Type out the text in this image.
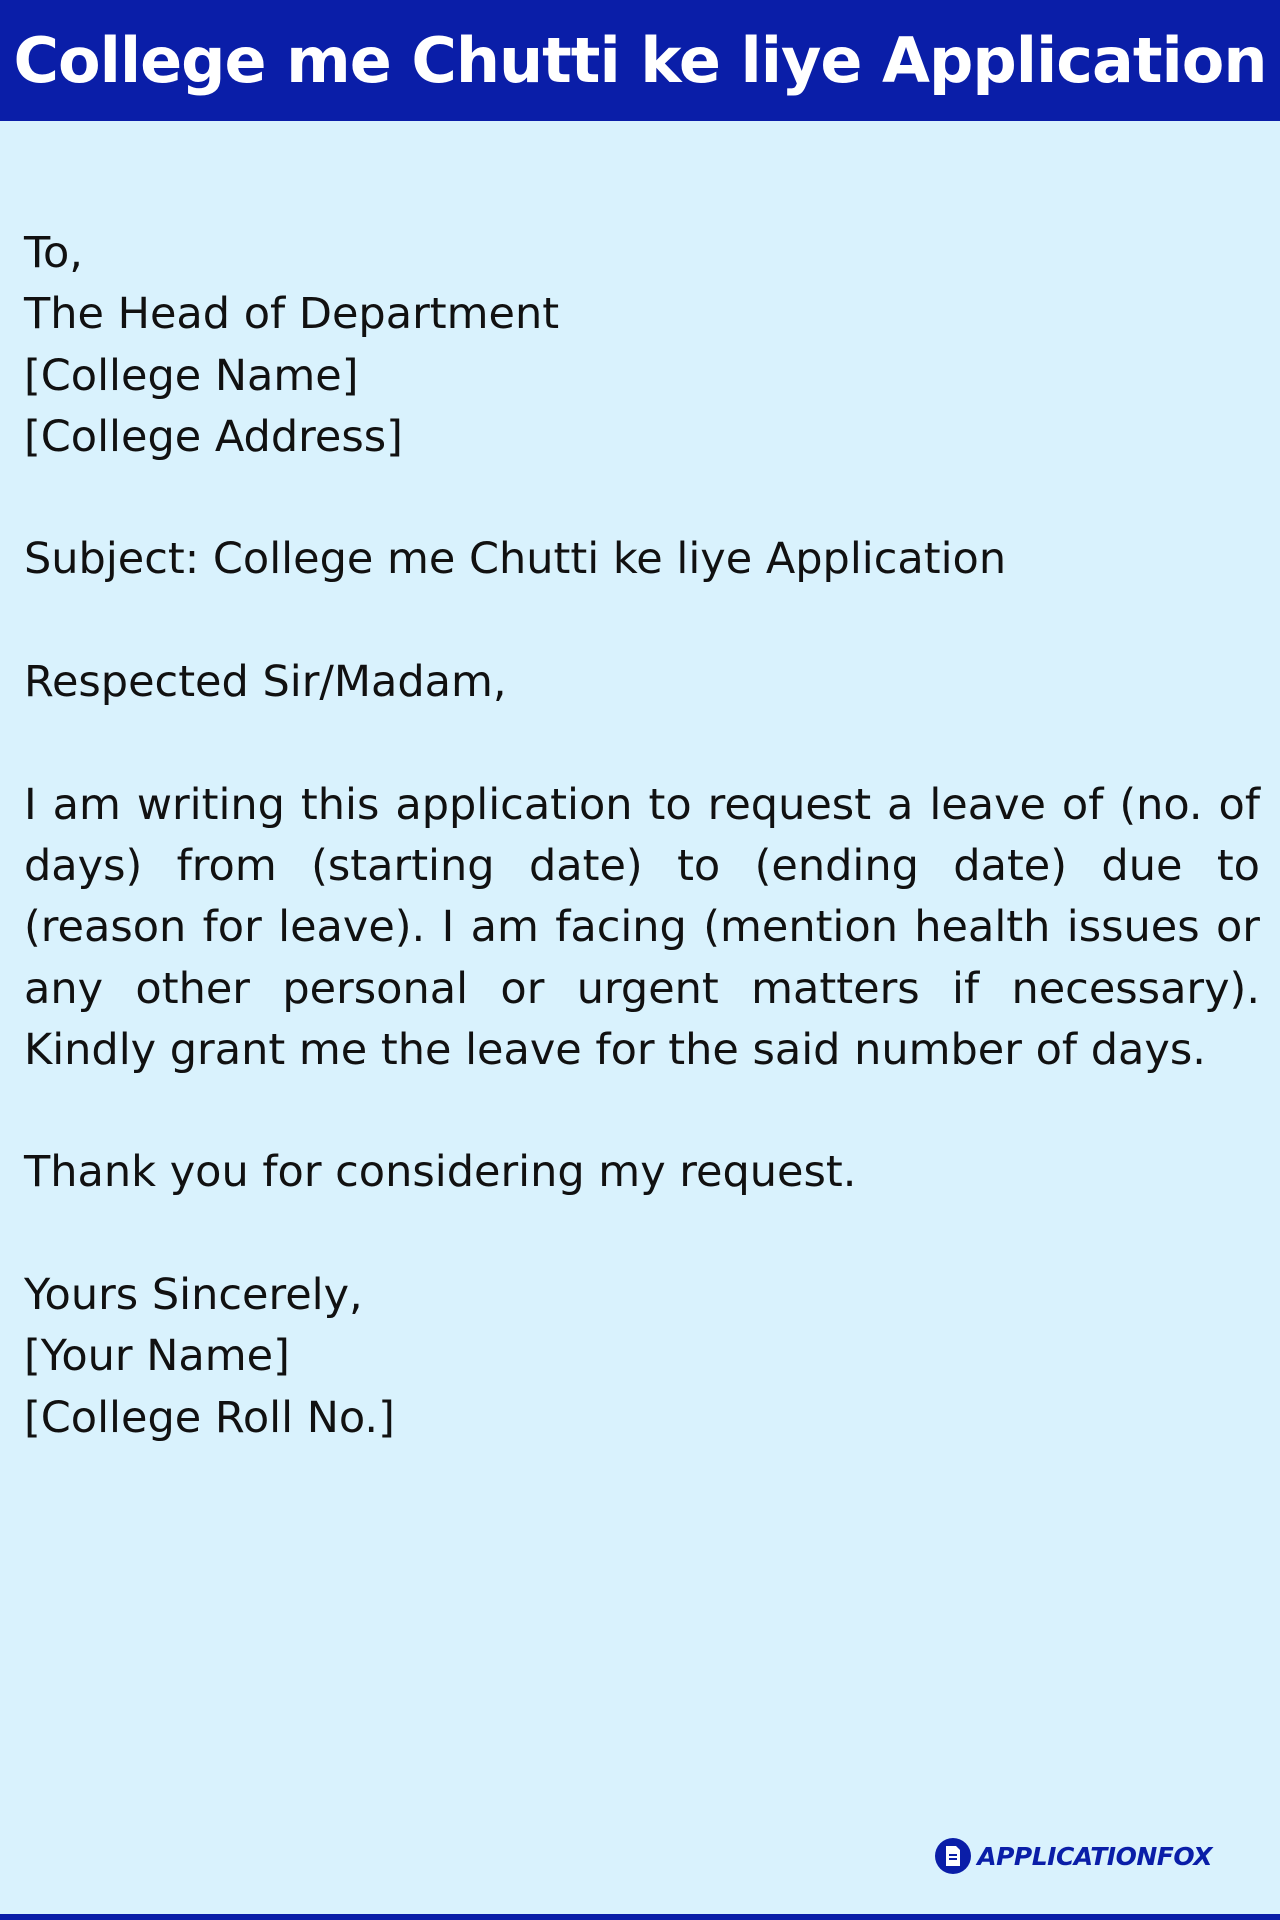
College me Chutti ke liye Application
To,
The Head of Department
[College Name]
[College Address]
Subject: College me Chutti ke liye Application
Respected Sir/Madam,
I am writing this application to request a leave of (no. of days) from (starting date) to (ending date) due to (reason for leave). I am facing (mention health issues or any other personal or urgent matters if necessary). Kindly grant me the leave for the said number of days.
Thank you for considering my request.
Yours Sincerely,
[Your Name]
[College Roll No.]
APPLICATIONFOX
